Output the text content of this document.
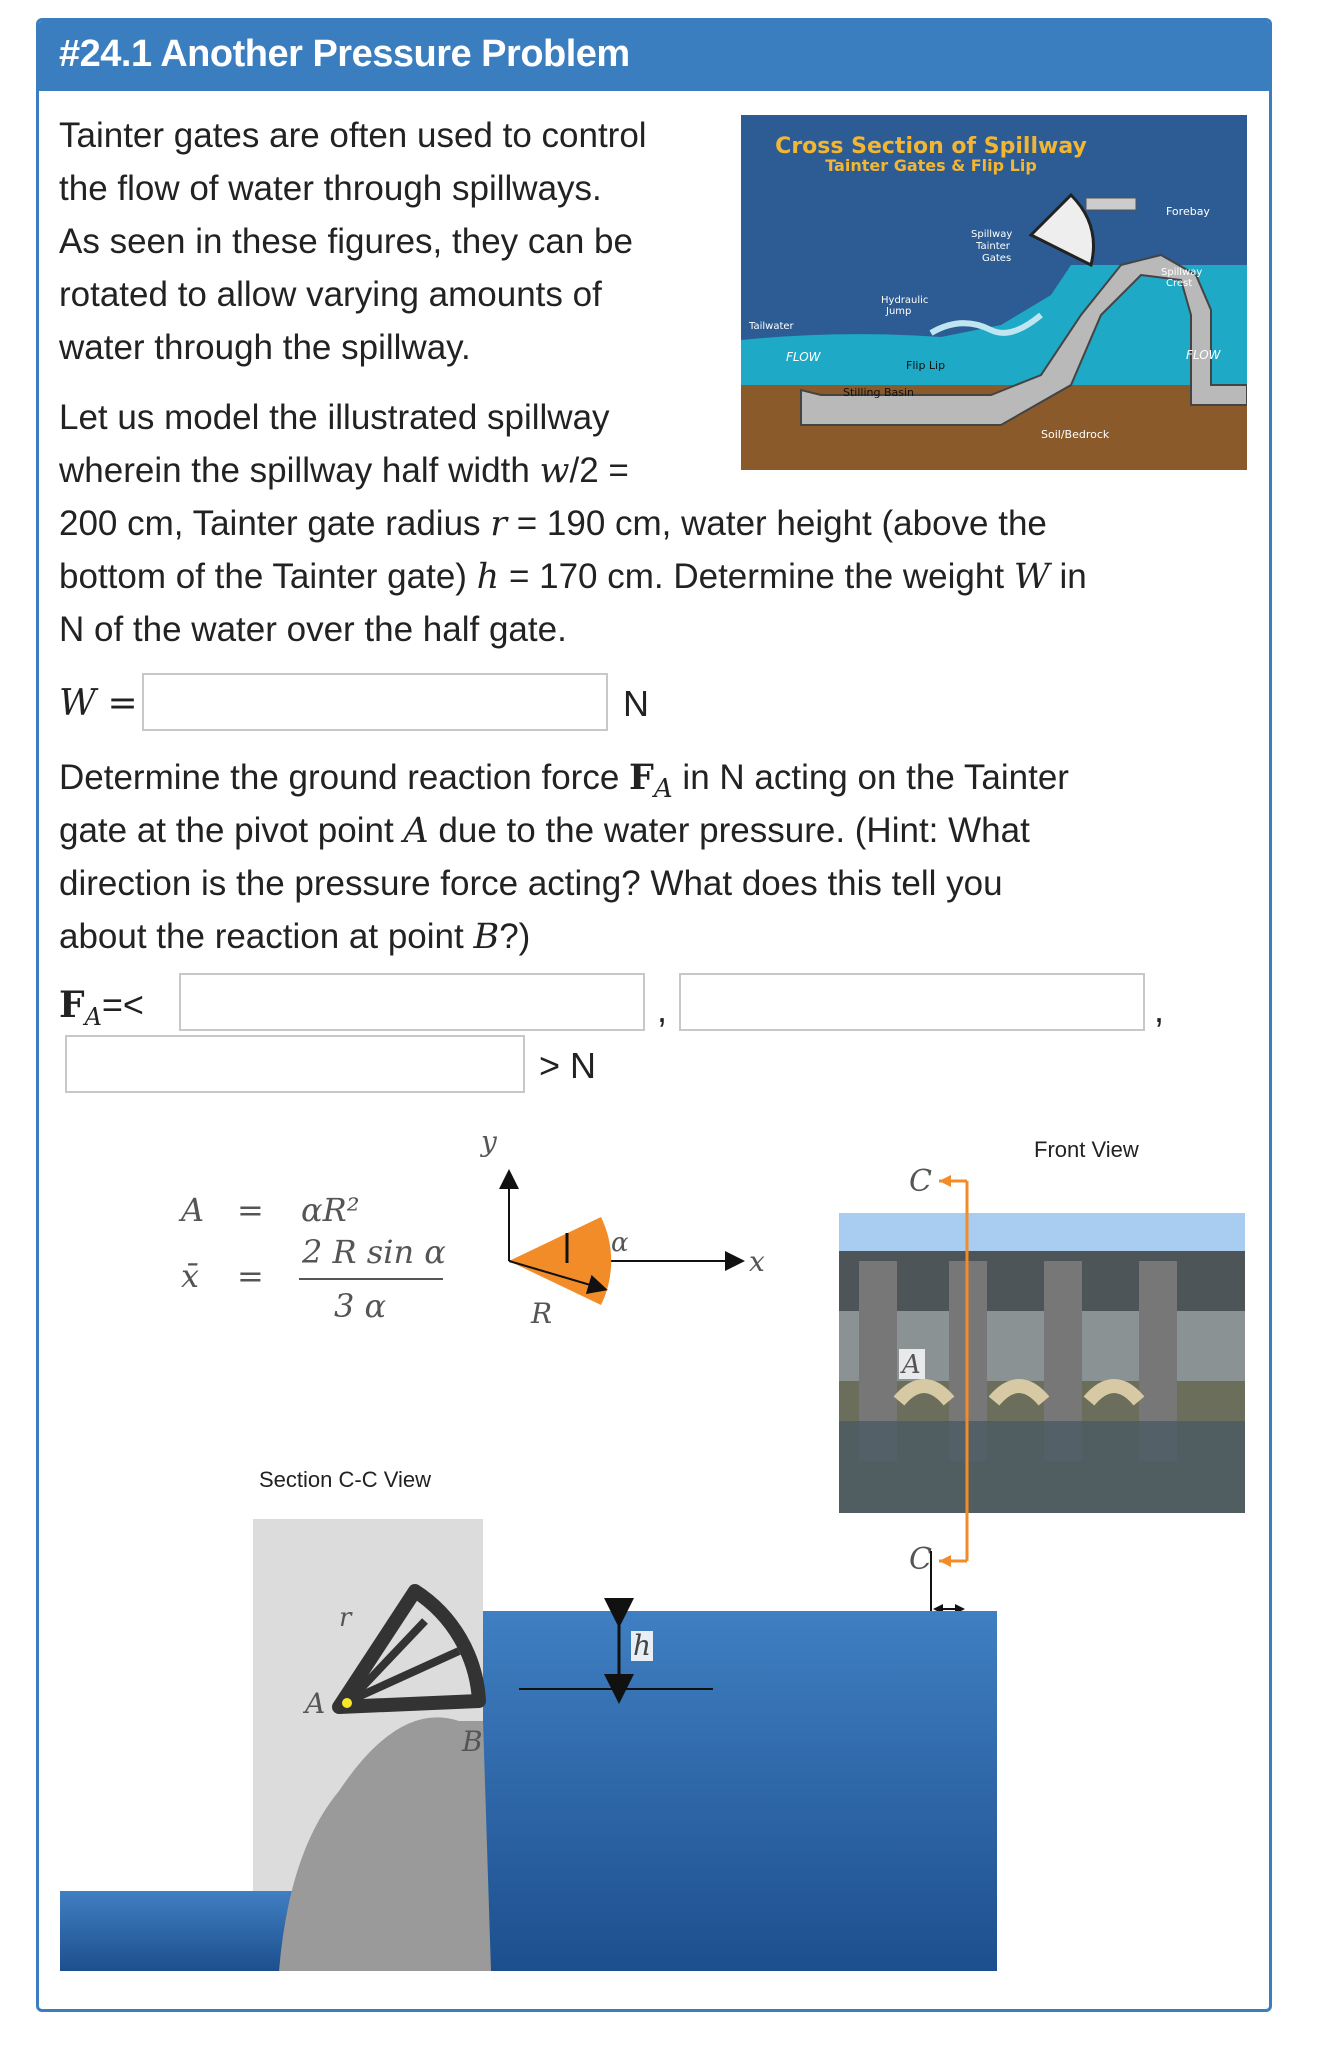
#24.1 Another Pressure Problem

Tainter gates are often used to control

the flow of water through spillways.

As seen in these figures, they can be

rotated to allow varying amounts of

water through the spillway.

Cross Section of Spillway
Tainter Gates & Flip Lip
Forebay
Spillway
Tainter
Gates
Spillway
Crest
Hydraulic
Jump
Tailwater
FLOW	FLOW
Flip Lip
Stilling Basin
Soil/Bedrock

Let us model the illustrated spillway

wherein the spillway half width w/2 =

200 cm, Tainter gate radius r = 190 cm, water height (above the

bottom of the Tainter gate) h = 170 cm. Determine the weight W in

N of the water over the half gate.

W =	N

Determine the ground reaction force $F_A$ in N acting on the Tainter

gate at the pivot point A due to the water pressure. (Hint: What

direction is the pressure force acting? What does this tell you

about the reaction at point B?)

$F_A=<$	,	,
> N
A = αR²
x̄ =
2 R sin α
3 α
y
α
x
R
Front View
C
A
C
Section C-C View
r
A
B
h
